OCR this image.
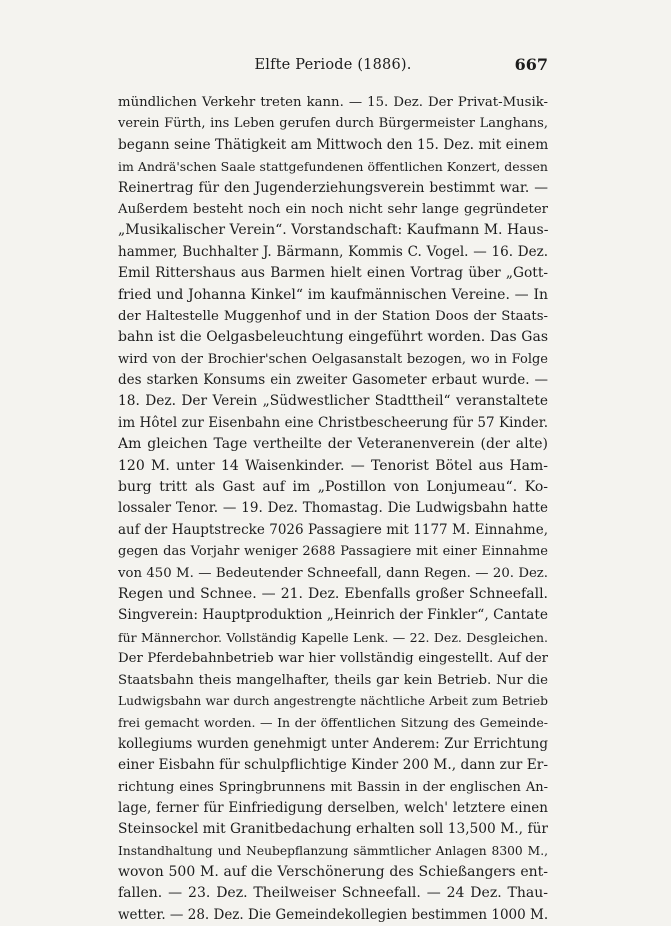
Elfte Periode (1886).	667
mündlichen Verkehr treten kann. — 15. Dez. Der Privat-Musik-
verein Fürth, ins Leben gerufen durch Bürgermeister Langhans,
begann seine Thätigkeit am Mittwoch den 15. Dez. mit einem
im Andrä'schen Saale stattgefundenen öffentlichen Konzert, dessen
Reinertrag für den Jugenderziehungsverein bestimmt war. —
Außerdem besteht noch ein noch nicht sehr lange gegründeter
„Musikalischer Verein“. Vorstandschaft: Kaufmann M. Haus-
hammer, Buchhalter J. Bärmann, Kommis C. Vogel. — 16. Dez.
Emil Rittershaus aus Barmen hielt einen Vortrag über „Gott-
fried und Johanna Kinkel“ im kaufmännischen Vereine. — In
der Haltestelle Muggenhof und in der Station Doos der Staats-
bahn ist die Oelgasbeleuchtung eingeführt worden. Das Gas
wird von der Brochier'schen Oelgasanstalt bezogen, wo in Folge
des starken Konsums ein zweiter Gasometer erbaut wurde. —
18. Dez. Der Verein „Südwestlicher Stadttheil“ veranstaltete
im Hôtel zur Eisenbahn eine Christbescheerung für 57 Kinder.
Am gleichen Tage vertheilte der Veteranenverein (der alte)
120 M. unter 14 Waisenkinder. — Tenorist Bötel aus Ham-
burg tritt als Gast auf im „Postillon von Lonjumeau“. Ko-
lossaler Tenor. — 19. Dez. Thomastag. Die Ludwigsbahn hatte
auf der Hauptstrecke 7026 Passagiere mit 1177 M. Einnahme,
gegen das Vorjahr weniger 2688 Passagiere mit einer Einnahme
von 450 M. — Bedeutender Schneefall, dann Regen. — 20. Dez.
Regen und Schnee. — 21. Dez. Ebenfalls großer Schneefall.
Singverein: Hauptproduktion „Heinrich der Finkler“, Cantate
für Männerchor. Vollständig Kapelle Lenk. — 22. Dez. Desgleichen.
Der Pferdebahnbetrieb war hier vollständig eingestellt. Auf der
Staatsbahn theis mangelhafter, theils gar kein Betrieb. Nur die
Ludwigsbahn war durch angestrengte nächtliche Arbeit zum Betrieb
frei gemacht worden. — In der öffentlichen Sitzung des Gemeinde-
kollegiums wurden genehmigt unter Anderem: Zur Errichtung
einer Eisbahn für schulpflichtige Kinder 200 M., dann zur Er-
richtung eines Springbrunnens mit Bassin in der englischen An-
lage, ferner für Einfriedigung derselben, welch' letztere einen
Steinsockel mit Granitbedachung erhalten soll 13,500 M., für
Instandhaltung und Neubepflanzung sämmtlicher Anlagen 8300 M.,
wovon 500 M. auf die Verschönerung des Schießangers ent-
fallen. — 23. Dez. Theilweiser Schneefall. — 24 Dez. Thau-
wetter. — 28. Dez. Die Gemeindekollegien bestimmen 1000 M.
